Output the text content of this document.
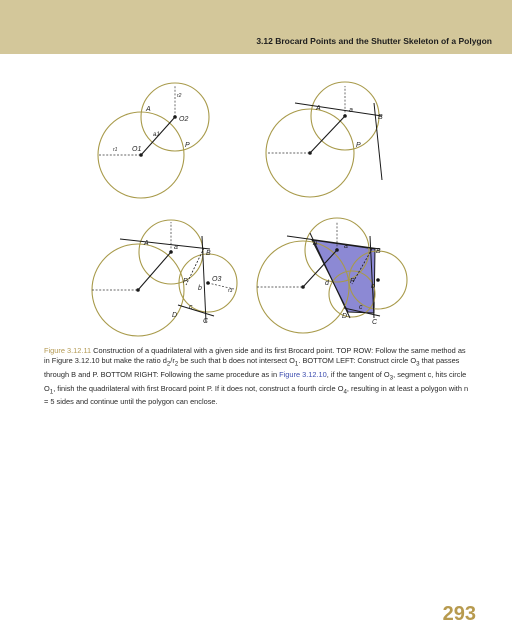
3.12 Brocard Points and the Shutter Skeleton of a Polygon
A
r2
O2
a1
r1 O1
P
A	a
B
P
A
a
B
O3
r3
P
b
c
D
C
A	a
B
d	P
b
c
D
C
Figure 3.12.11 Construction of a quadrilateral with a given side and its first Brocard point. TOP ROW: Follow the same method as in Figure 3.12.10 but make the ratio $d_2/r_2$ be such that b does not intersect $O_1$. BOTTOM LEFT: Construct circle $O_3$ that passes through B and P. BOTTOM RIGHT: Following the same procedure as in Figure 3.12.10, if the tangent of $O_3$, segment c, hits circle $O_1$, finish the quadrilateral with first Brocard point P. If it does not, construct a fourth circle $O_4$, resulting in at least a polygon with n = 5 sides and continue until the polygon can enclose.
293
